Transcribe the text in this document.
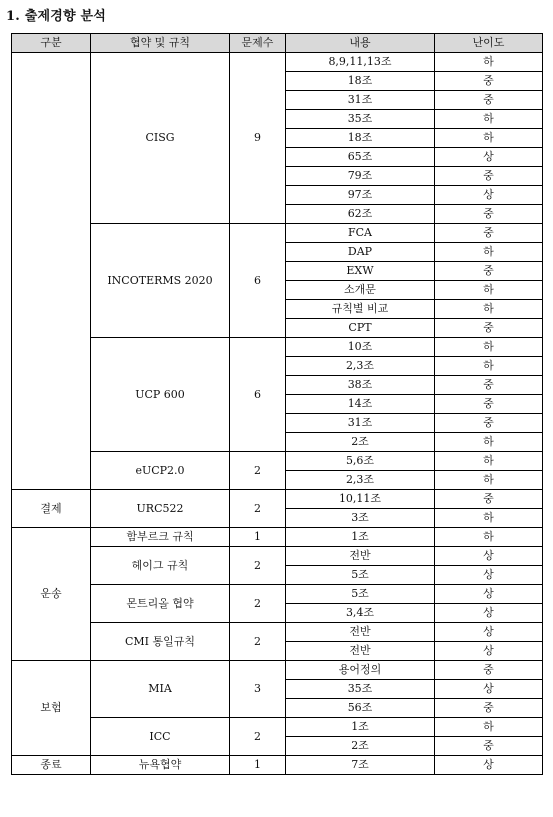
1. 출제경향 분석
구분	협약 및 규칙	문제수	내용	난이도
	CISG	9	8,9,11,13조	하
			18조	중
			31조	중
			35조	하
			18조	하
			65조	상
			79조	중
			97조	상
			62조	중
	INCOTERMS 2020	6	FCA	중
			DAP	하
			EXW	중
			소개문	하
			규칙별 비교	하
			CPT	중
	UCP 600	6	10조	하
			2,3조	하
			38조	중
			14조	중
			31조	중
			2조	하
	eUCP2.0	2	5,6조	하
			2,3조	하
결제	URC522	2	10,11조	중
			3조	하
운송	함부르크 규칙	1	1조	하
	헤이그 규칙	2	전반	상
			5조	상
	몬트리올 협약	2	5조	상
			3,4조	상
	CMI 통일규칙	2	전반	상
			전반	상
보험	MIA	3	용어정의	중
			35조	상
			56조	중
	ICC	2	1조	하
			2조	중
종료	뉴욕협약	1	7조	상
